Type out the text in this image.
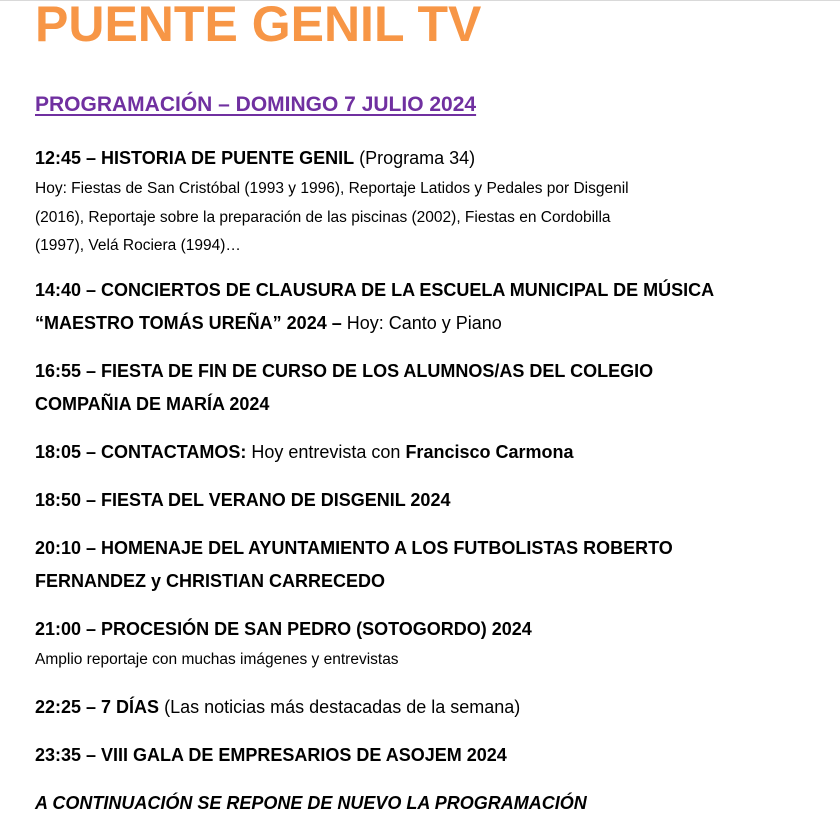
PUENTE GENIL TV
PROGRAMACIÓN – DOMINGO 7 JULIO 2024
12:45 – HISTORIA DE PUENTE GENIL (Programa 34)
Hoy: Fiestas de San Cristóbal (1993 y 1996), Reportaje Latidos y Pedales por Disgenil
(2016), Reportaje sobre la preparación de las piscinas (2002), Fiestas en Cordobilla
(1997), Velá Rociera (1994)…
14:40 – CONCIERTOS DE CLAUSURA DE LA ESCUELA MUNICIPAL DE MÚSICA
“MAESTRO TOMÁS UREÑA” 2024 – Hoy: Canto y Piano
16:55 – FIESTA DE FIN DE CURSO DE LOS ALUMNOS/AS DEL COLEGIO
COMPAÑIA DE MARÍA 2024
18:05 – CONTACTAMOS: Hoy entrevista con Francisco Carmona
18:50 – FIESTA DEL VERANO DE DISGENIL 2024
20:10 – HOMENAJE DEL AYUNTAMIENTO A LOS FUTBOLISTAS ROBERTO
FERNANDEZ y CHRISTIAN CARRECEDO
21:00 – PROCESIÓN DE SAN PEDRO (SOTOGORDO) 2024
Amplio reportaje con muchas imágenes y entrevistas
22:25 – 7 DÍAS (Las noticias más destacadas de la semana)
23:35 – VIII GALA DE EMPRESARIOS DE ASOJEM 2024

A CONTINUACIÓN SE REPONE DE NUEVO LA PROGRAMACIÓN
